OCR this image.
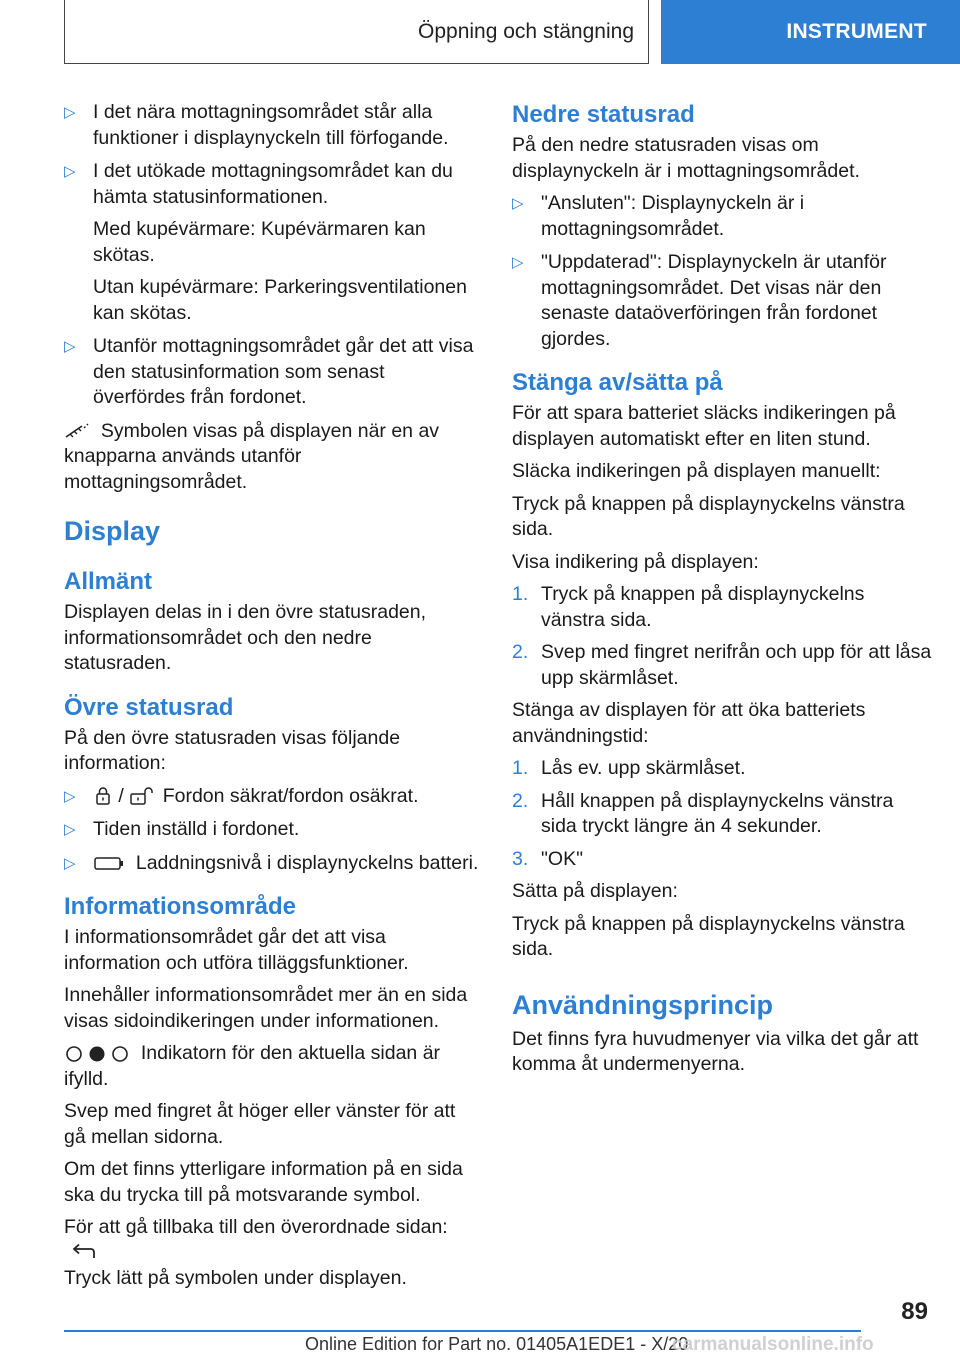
Öppning och stängning	INSTRUMENT
▷ I det nära mottagningsområdet står alla funktioner i displaynyckeln till förfogande.
▷ I det utökade mottagningsområdet kan du hämta statusinformationen.
Med kupévärmare: Kupévärmaren kan skötas.
Utan kupévärmare: Parkeringsventilationen kan skötas.
▷ Utanför mottagningsområdet går det att visa den statusinformation som senast överfördes från fordonet.

Symbolen visas på displayen när en av knapparna används utanför mottagningsområdet.

Display
Allmänt

Displayen delas in i den övre statusraden, informationsområdet och den nedre statusraden.

Övre statusrad

På den övre statusraden visas följande information:

▷ / Fordon säkrat/fordon osäkrat.
▷ Tiden inställd i fordonet.
▷	Laddningsnivå i displaynyckelns batteri.
Informationsområde

I informationsområdet går det att visa information och utföra tilläggsfunktioner.

Innehåller informationsområdet mer än en sida visas sidoindikeringen under informationen.

Indikatorn för den aktuella sidan är ifylld.

Svep med fingret åt höger eller vänster för att gå mellan sidorna.

Om det finns ytterligare information på en sida ska du trycka till på motsvarande symbol.

För att gå tillbaka till den överordnade sidan:

Tryck lätt på symbolen under displayen.

Nedre statusrad

På den nedre statusraden visas om displaynyckeln är i mottagningsområdet.

▷ "Ansluten": Displaynyckeln är i mottagningsområdet.
▷ "Uppdaterad": Displaynyckeln är utanför mottagningsområdet. Det visas när den senaste dataöverföringen från fordonet gjordes.
Stänga av/sätta på

För att spara batteriet släcks indikeringen på displayen automatiskt efter en liten stund.

Släcka indikeringen på displayen manuellt:

Tryck på knappen på displaynyckelns vänstra sida.

Visa indikering på displayen:

1. Tryck på knappen på displaynyckelns vänstra sida.
2. Svep med fingret nerifrån och upp för att låsa upp skärmlåset.

Stänga av displayen för att öka batteriets användningstid:

1. Lås ev. upp skärmlåset.
2. Håll knappen på displaynyckelns vänstra sida tryckt längre än 4 sekunder.
3. "OK"

Sätta på displayen:

Tryck på knappen på displaynyckelns vänstra sida.

Användningsprincip

Det finns fyra huvudmenyer via vilka det går att komma åt undermenyerna.

89
Online Edition for Part no. 01405A1EDE1 - X/20
carmanualsonline.info
